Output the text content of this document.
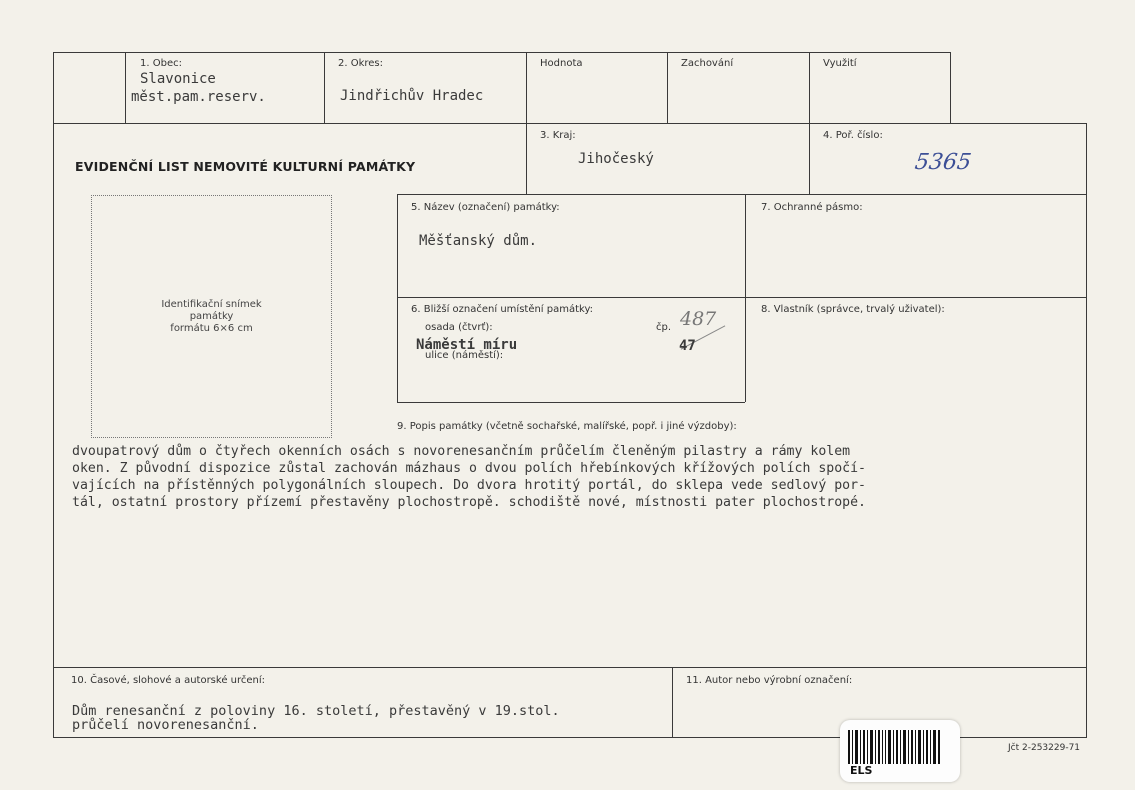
1. Obec:
Slavonice
měst.pam.reserv.
2. Okres:
Jindřichův Hradec
Hodnota	Zachování	Využití
EVIDENČNÍ LIST NEMOVITÉ KULTURNÍ PAMÁTKY
3. Kraj:
Jihočeský
4. Poř. číslo:
5365
Identifikační snímek
památky
formátu 6×6 cm
5. Název (označení) památky:
Měšťanský dům.
7. Ochranné pásmo:
6. Bližší označení umístění památky:
osada (čtvrť):	čp. 487
Náměstí míru	47
ulice (náměstí):
8. Vlastník (správce, trvalý uživatel):
9. Popis památky (včetně sochařské, malířské, popř. i jiné výzdoby):
dvoupatrový dům o čtyřech okenních osách s novorenesančním průčelím členěným pilastry a rámy kolem
oken. Z původní dispozice zůstal zachován mázhaus o dvou polích hřebínkových křížových polích spočí-
vajících na přístěnných polygonálních sloupech. Do dvora hrotitý portál, do sklepa vede sedlový por-
tál, ostatní prostory přízemí přestavěny plochostropě. schodiště nové, místnosti pater plochostropé.
10. Časové, slohové a autorské určení:
Dům renesanční z poloviny 16. století, přestavěný v 19.stol.
průčelí novorenesanční.
11. Autor nebo výrobní označení:
Jčt 2-253229-71
ELS
